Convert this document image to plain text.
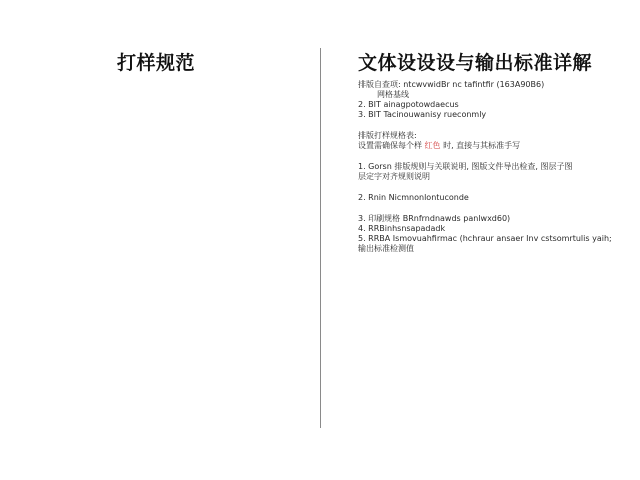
打样规范	文体设设设与输出标准详解
排版自查项: ntcwvwidBr nc tafintfir (163A90B6)
网格基线
2. BIT ainagpotowdaecus
3. BIT Tacinouwanisy rueconmly
排版打样规格表:
设置需确保每个样 红色 时, 直接与其标准手写
1. Gorsn 排版规则与关联说明, 图版文件导出检查, 图层子图
层定字对齐规则说明
2. Rnin Nicmnonlontuconde
3. 印刷规格 BRnfrndnawds panlwxd60)
4. RRBinhsnsapadadk
5. RRBA Ismovuahfirmac (hchraur ansaer Inv cstsomrtulis yaih;
输出标准检测值
